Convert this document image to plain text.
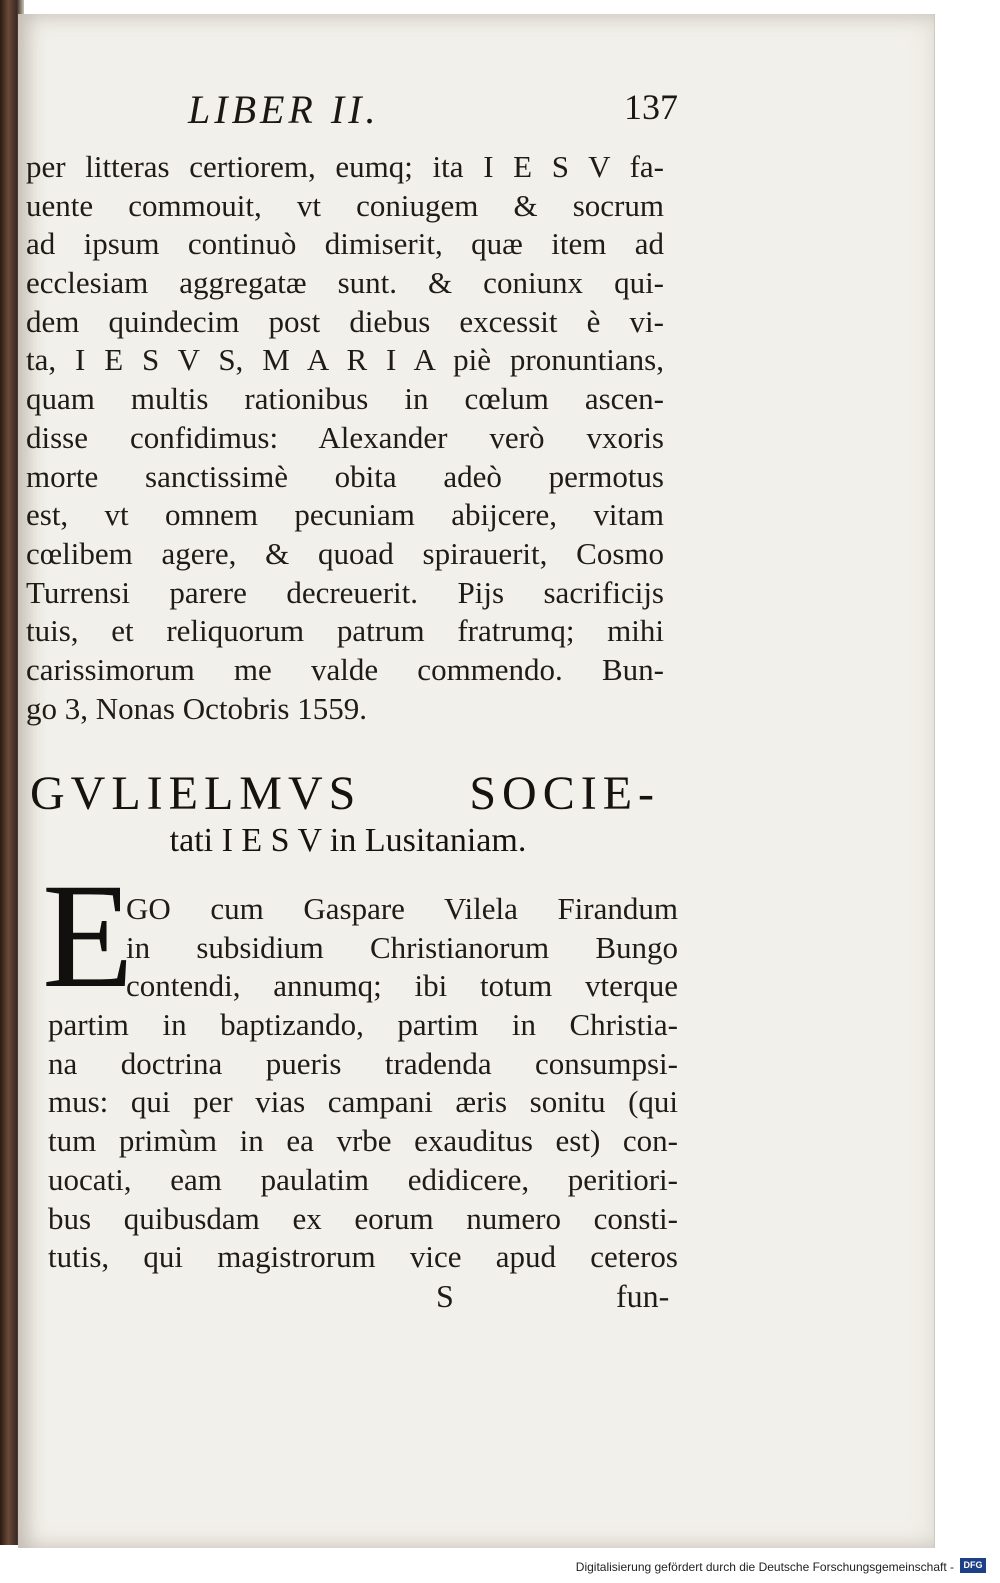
LIBER II.	137
per litteras certiorem, eumq; ita I E S V fa-
uente commouit, vt coniugem & socrum
ad ipsum continuò dimiserit, quæ item ad
ecclesiam aggregatæ sunt. & coniunx qui-
dem quindecim post diebus excessit è vi-
ta, I E S V S, M A R I A piè pronuntians,
quam multis rationibus in cœlum ascen-
disse confidimus: Alexander verò vxoris
morte sanctissimè obita adeò permotus
est, vt omnem pecuniam abijcere, vitam
cœlibem agere, & quoad spirauerit, Cosmo
Turrensi parere decreuerit. Pijs sacrificijs
tuis, et reliquorum patrum fratrumq; mihi
carissimorum me valde commendo. Bun-
go 3, Nonas Octobris 1559.
GVLIELMVS SOCIE-
tati I E S V in Lusitaniam.
E
GO cum Gaspare Vilela Firandum
in subsidium Christianorum Bungo
contendi, annumq; ibi totum vterque
partim in baptizando, partim in Christia-
na doctrina pueris tradenda consumpsi-
mus: qui per vias campani æris sonitu (qui
tum primùm in ea vrbe exauditus est) con-
uocati, eam paulatim edidicere, peritiori-
bus quibusdam ex eorum numero consti-
tutis, qui magistrorum vice apud ceteros
S	fun-
Digitalisierung gefördert durch die Deutsche Forschungsgemeinschaft -	DFG
